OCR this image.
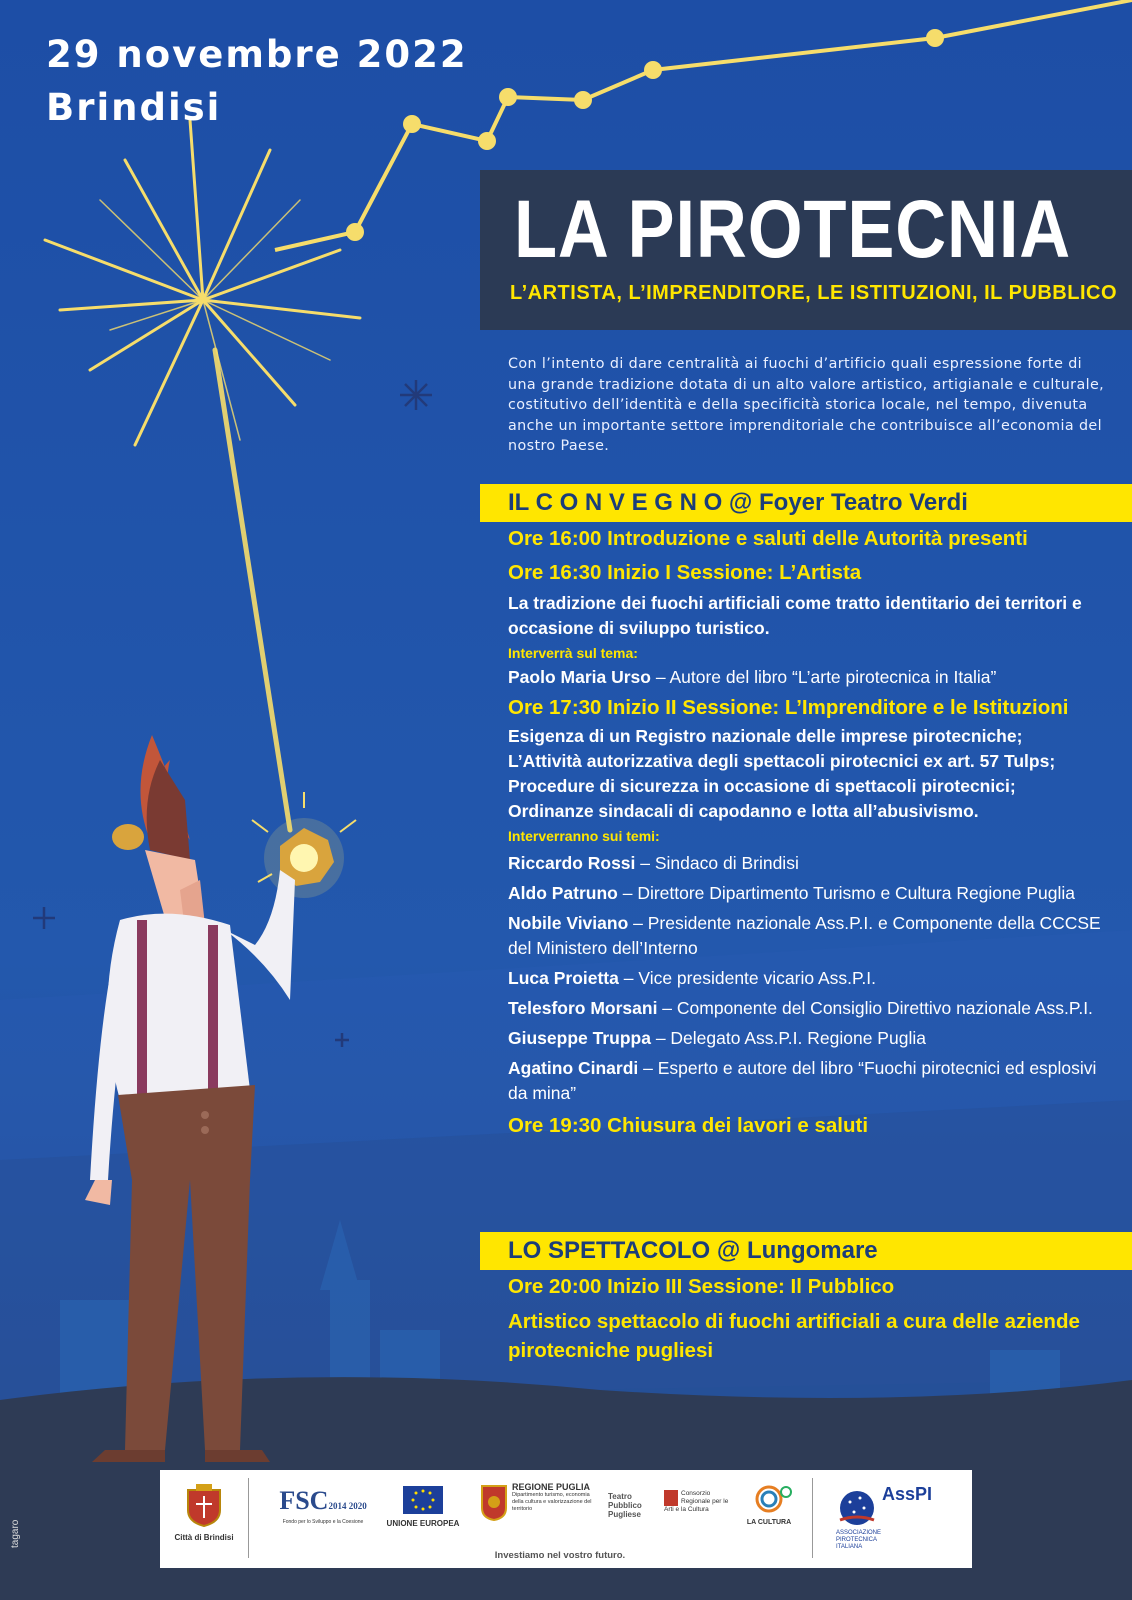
29 novembre 2022
Brindisi
LA PIROTECNIA
L’ARTISTA, L’IMPRENDITORE, LE ISTITUZIONI, IL PUBBLICO
Con l’intento di dare centralità ai fuochi d’artificio quali espressione forte di una grande tradizione dotata di un alto valore artistico, artigianale e culturale, costitutivo dell’identità e della specificità storica locale, nel tempo, divenuta anche un importante settore imprenditoriale che contribuisce all’economia del nostro Paese.
IL C O N V E G N O @ Foyer Teatro Verdi
Ore 16:00 Introduzione e saluti delle Autorità presenti
Ore 16:30 Inizio I Sessione: L’Artista
La tradizione dei fuochi artificiali come tratto identitario dei territori e occasione di sviluppo turistico.
Interverrà sul tema:
Paolo Maria Urso – Autore del libro “L’arte pirotecnica in Italia”
Ore 17:30 Inizio II Sessione: L’Imprenditore e le Istituzioni
Esigenza di un Registro nazionale delle imprese pirotecniche;
L’Attività autorizzativa degli spettacoli pirotecnici ex art. 57 Tulps;
Procedure di sicurezza in occasione di spettacoli pirotecnici;
Ordinanze sindacali di capodanno e lotta all’abusivismo.
Interverranno sui temi:
Riccardo Rossi – Sindaco di Brindisi
Aldo Patruno – Direttore Dipartimento Turismo e Cultura Regione Puglia
Nobile Viviano – Presidente nazionale Ass.P.I. e Componente della CCCSE del Ministero dell’Interno
Luca Proietta – Vice presidente vicario Ass.P.I.
Telesforo Morsani – Componente del Consiglio Direttivo nazionale Ass.P.I.
Giuseppe Truppa – Delegato Ass.P.I. Regione Puglia
Agatino Cinardi – Esperto e autore del libro “Fuochi pirotecnici ed esplosivi da mina”
Ore 19:30 Chiusura dei lavori e saluti
LO SPETTACOLO @ Lungomare
Ore 20:00 Inizio III Sessione: Il Pubblico
Artistico spettacolo di fuochi artificiali a cura delle aziende pirotecniche pugliesi
Città di Brindisi
FSC2014 2020
Fondo per lo Sviluppo e la Coesione	UNIONE EUROPEA
REGIONE PUGLIA
Dipartimento turismo, economia della cultura e valorizzazione del territorio
Teatro Pubblico Pugliese
Consorzio Regionale per le Arti e la Cultura
LA CULTURA
AssPI
ASSOCIAZIONE PIROTECNICA ITALIANA
Investiamo nel vostro futuro.
tagaro
